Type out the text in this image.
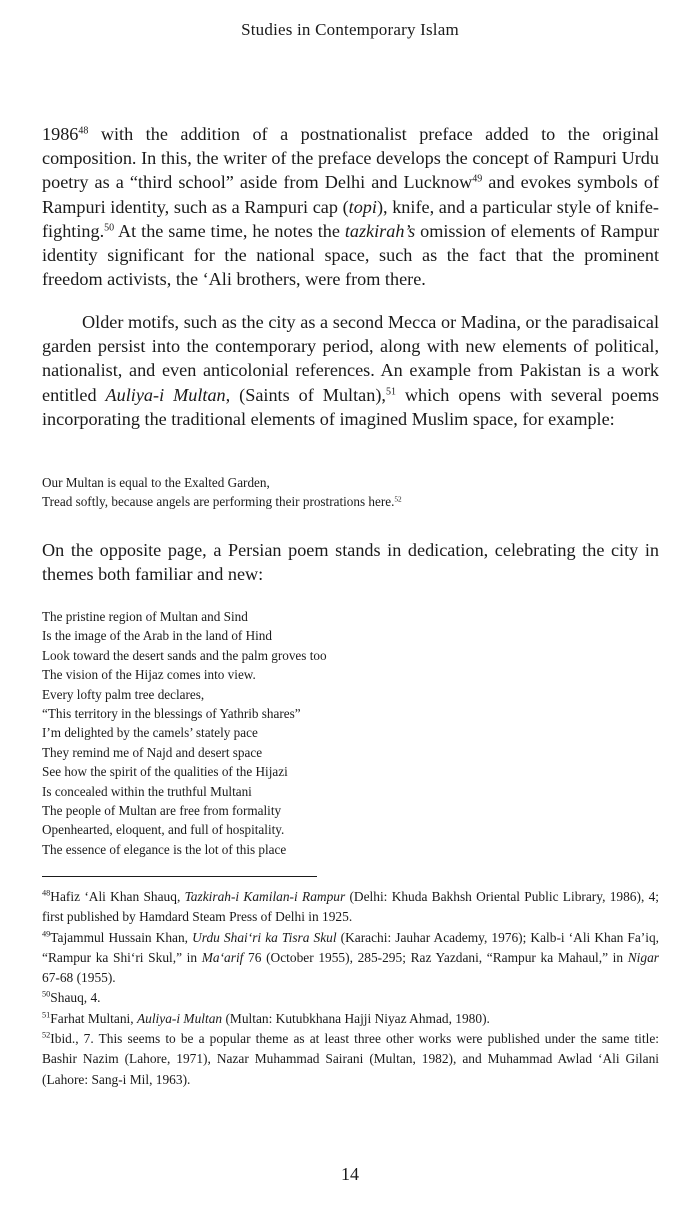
Studies in Contemporary Islam

1986$^{48}$ with the addition of a postnationalist preface added to the original composition. In this, the writer of the preface develops the concept of Rampuri Urdu poetry as a “third school” aside from Delhi and Lucknow$^{49}$ and evokes symbols of Rampuri identity, such as a Rampuri cap (topi), knife, and a particular style of knife-fighting.$^{50}$ At the same time, he notes the tazkirah’s omission of elements of Rampur identity significant for the national space, such as the fact that the prominent freedom activists, the ‘Ali brothers, were from there.

Older motifs, such as the city as a second Mecca or Madina, or the paradisaical garden persist into the contemporary period, along with new elements of political, nationalist, and even anticolonial references. An example from Pakistan is a work entitled Auliya-i Multan, (Saints of Multan),$^{51}$ which opens with several poems incorporating the traditional elements of imagined Muslim space, for example:

Our Multan is equal to the Exalted Garden,
Tread softly, because angels are performing their prostrations here.$^{52}$

On the opposite page, a Persian poem stands in dedication, celebrating the city in themes both familiar and new:

The pristine region of Multan and Sind
Is the image of the Arab in the land of Hind
Look toward the desert sands and the palm groves too
The vision of the Hijaz comes into view.
Every lofty palm tree declares,
“This territory in the blessings of Yathrib shares”
I’m delighted by the camels’ stately pace
They remind me of Najd and desert space
See how the spirit of the qualities of the Hijazi
Is concealed within the truthful Multani
The people of Multan are free from formality
Openhearted, eloquent, and full of hospitality.
The essence of elegance is the lot of this place

$^{48}$Hafiz ‘Ali Khan Shauq, Tazkirah-i Kamilan-i Rampur (Delhi: Khuda Bakhsh Oriental Public Library, 1986), 4; first published by Hamdard Steam Press of Delhi in 1925.

$^{49}$Tajammul Hussain Khan, Urdu Shai‘ri ka Tisra Skul (Karachi: Jauhar Academy, 1976); Kalb-i ‘Ali Khan Fa’iq, “Rampur ka Shi‘ri Skul,” in Ma‘arif 76 (October 1955), 285-295; Raz Yazdani, “Rampur ka Mahaul,” in Nigar 67-68 (1955).

$^{50}$Shauq, 4.

$^{51}$Farhat Multani, Auliya-i Multan (Multan: Kutubkhana Hajji Niyaz Ahmad, 1980).

$^{52}$Ibid., 7. This seems to be a popular theme as at least three other works were published under the same title: Bashir Nazim (Lahore, 1971), Nazar Muhammad Sairani (Multan, 1982), and Muhammad Awlad ‘Ali Gilani (Lahore: Sang-i Mil, 1963).

14
